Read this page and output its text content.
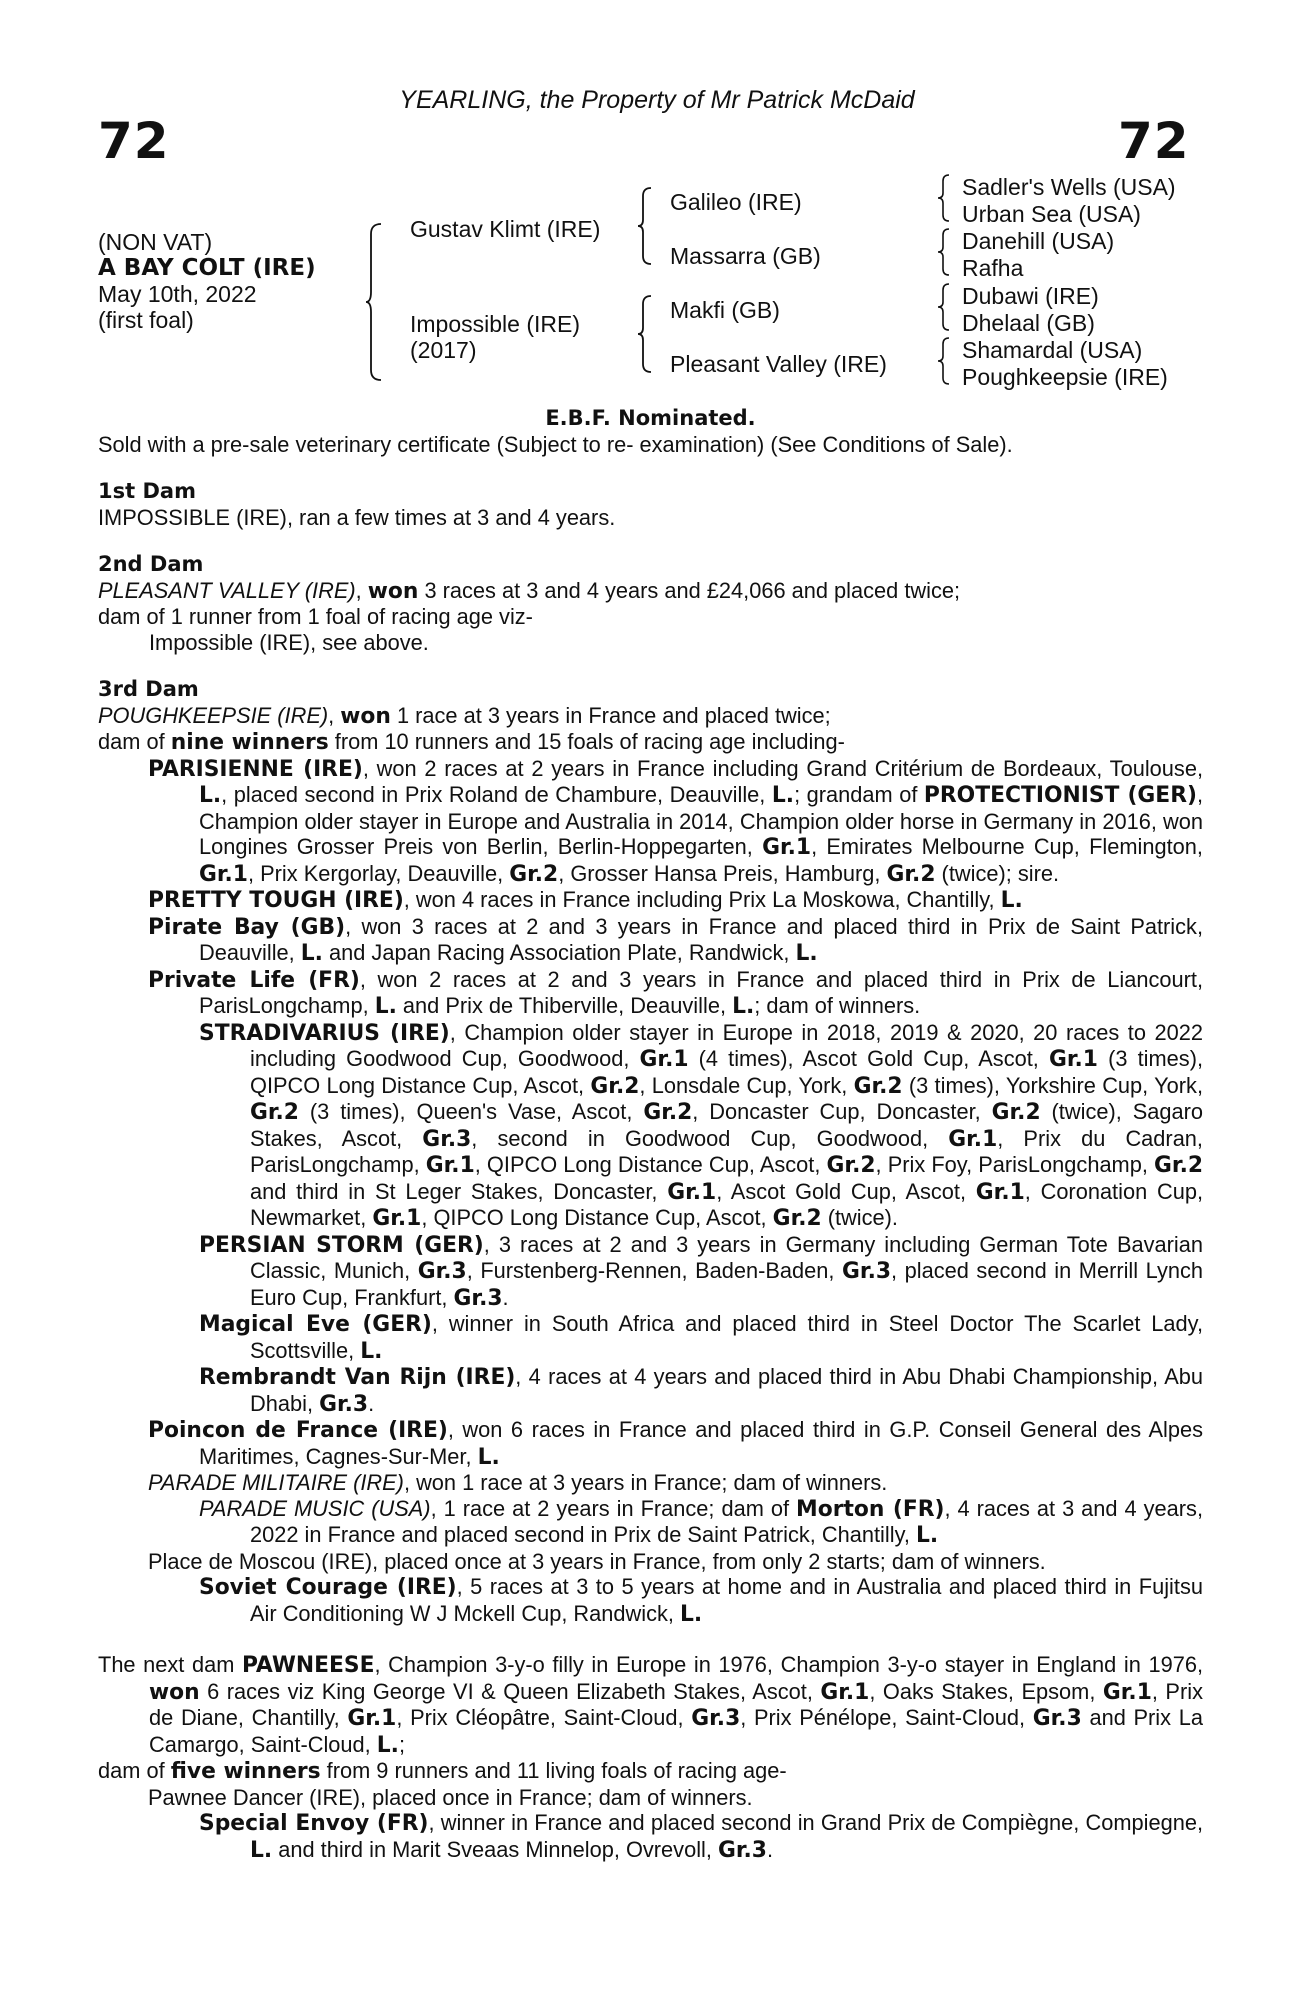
72	72
YEARLING, the Property of Mr Patrick McDaid
(NON VAT)
A BAY COLT (IRE)
May 10th, 2022
(first foal)
Gustav Klimt (IRE)
Impossible (IRE)
(2017)
Galileo (IRE)
Massarra (GB)
Makfi (GB)
Pleasant Valley (IRE)
Sadler's Wells (USA)
Urban Sea (USA)
Danehill (USA)
Rafha
Dubawi (IRE)
Dhelaal (GB)
Shamardal (USA)
Poughkeepsie (IRE)

E.B.F. Nominated.

Sold with a pre-sale veterinary certificate (Subject to re- examination) (See Conditions of Sale).

1st Dam

IMPOSSIBLE (IRE), ran a few times at 3 and 4 years.

2nd Dam

PLEASANT VALLEY (IRE), won 3 races at 3 and 4 years and £24,066 and placed twice;

dam of 1 runner from 1 foal of racing age viz-

Impossible (IRE), see above.

3rd Dam

POUGHKEEPSIE (IRE), won 1 race at 3 years in France and placed twice;

dam of nine winners from 10 runners and 15 foals of racing age including-

PARISIENNE (IRE), won 2 races at 2 years in France including Grand Critérium de Bordeaux, Toulouse, L., placed second in Prix Roland de Chambure, Deauville, L.; grandam of PROTECTIONIST (GER), Champion older stayer in Europe and Australia in 2014, Champion older horse in Germany in 2016, won Longines Grosser Preis von Berlin, Berlin-Hoppegarten, Gr.1, Emirates Melbourne Cup, Flemington, Gr.1, Prix Kergorlay, Deauville, Gr.2, Grosser Hansa Preis, Hamburg, Gr.2 (twice); sire.

PRETTY TOUGH (IRE), won 4 races in France including Prix La Moskowa, Chantilly, L.

Pirate Bay (GB), won 3 races at 2 and 3 years in France and placed third in Prix de Saint Patrick, Deauville, L. and Japan Racing Association Plate, Randwick, L.

Private Life (FR), won 2 races at 2 and 3 years in France and placed third in Prix de Liancourt, ParisLongchamp, L. and Prix de Thiberville, Deauville, L.; dam of winners.

STRADIVARIUS (IRE), Champion older stayer in Europe in 2018, 2019 & 2020, 20 races to 2022 including Goodwood Cup, Goodwood, Gr.1 (4 times), Ascot Gold Cup, Ascot, Gr.1 (3 times), QIPCO Long Distance Cup, Ascot, Gr.2, Lonsdale Cup, York, Gr.2 (3 times), Yorkshire Cup, York, Gr.2 (3 times), Queen's Vase, Ascot, Gr.2, Doncaster Cup, Doncaster, Gr.2 (twice), Sagaro Stakes, Ascot, Gr.3, second in Goodwood Cup, Goodwood, Gr.1, Prix du Cadran, ParisLongchamp, Gr.1, QIPCO Long Distance Cup, Ascot, Gr.2, Prix Foy, ParisLongchamp, Gr.2 and third in St Leger Stakes, Doncaster, Gr.1, Ascot Gold Cup, Ascot, Gr.1, Coronation Cup, Newmarket, Gr.1, QIPCO Long Distance Cup, Ascot, Gr.2 (twice).

PERSIAN STORM (GER), 3 races at 2 and 3 years in Germany including German Tote Bavarian Classic, Munich, Gr.3, Furstenberg-Rennen, Baden-Baden, Gr.3, placed second in Merrill Lynch Euro Cup, Frankfurt, Gr.3.

Magical Eve (GER), winner in South Africa and placed third in Steel Doctor The Scarlet Lady, Scottsville, L.

Rembrandt Van Rijn (IRE), 4 races at 4 years and placed third in Abu Dhabi Championship, Abu Dhabi, Gr.3.

Poincon de France (IRE), won 6 races in France and placed third in G.P. Conseil General des Alpes Maritimes, Cagnes-Sur-Mer, L.

PARADE MILITAIRE (IRE), won 1 race at 3 years in France; dam of winners.

PARADE MUSIC (USA), 1 race at 2 years in France; dam of Morton (FR), 4 races at 3 and 4 years, 2022 in France and placed second in Prix de Saint Patrick, Chantilly, L.

Place de Moscou (IRE), placed once at 3 years in France, from only 2 starts; dam of winners.

Soviet Courage (IRE), 5 races at 3 to 5 years at home and in Australia and placed third in Fujitsu Air Conditioning W J Mckell Cup, Randwick, L.

The next dam PAWNEESE, Champion 3-y-o filly in Europe in 1976, Champion 3-y-o stayer in England in 1976, won 6 races viz King George VI & Queen Elizabeth Stakes, Ascot, Gr.1, Oaks Stakes, Epsom, Gr.1, Prix de Diane, Chantilly, Gr.1, Prix Cléopâtre, Saint-Cloud, Gr.3, Prix Pénélope, Saint-Cloud, Gr.3 and Prix La Camargo, Saint-Cloud, L.;

dam of five winners from 9 runners and 11 living foals of racing age-

Pawnee Dancer (IRE), placed once in France; dam of winners.

Special Envoy (FR), winner in France and placed second in Grand Prix de Compiègne, Compiegne, L. and third in Marit Sveaas Minnelop, Ovrevoll, Gr.3.
